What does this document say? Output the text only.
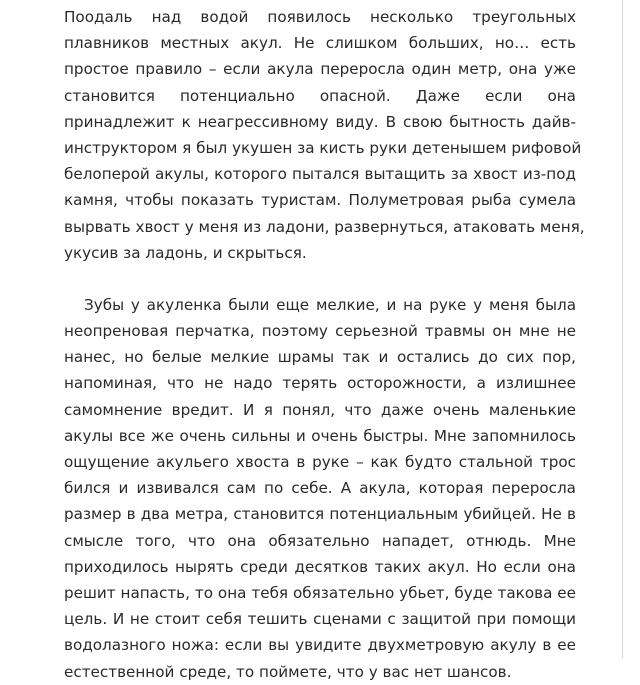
Поодаль над водой появилось несколько треугольных
плавников местных акул. Не слишком больших, но… есть
простое правило – если акула переросла один метр, она уже
становится потенциально опасной. Даже если она
принадлежит к неагрессивному виду. В свою бытность дайв-
инструктором я был укушен за кисть руки детенышем рифовой
белоперой акулы, которого пытался вытащить за хвост из-под
камня, чтобы показать туристам. Полуметровая рыба сумела
вырвать хвост у меня из ладони, развернуться, атаковать меня,
укусив за ладонь, и скрыться.

Зубы у акуленка были еще мелкие, и на руке у меня была
неопреновая перчатка, поэтому серьезной травмы он мне не
нанес, но белые мелкие шрамы так и остались до сих пор,
напоминая, что не надо терять осторожности, а излишнее
самомнение вредит. И я понял, что даже очень маленькие
акулы все же очень сильны и очень быстры. Мне запомнилось
ощущение акульего хвоста в руке – как будто стальной трос
бился и извивался сам по себе. А акула, которая переросла
размер в два метра, становится потенциальным убийцей. Не в
смысле того, что она обязательно нападет, отнюдь. Мне
приходилось нырять среди десятков таких акул. Но если она
решит напасть, то она тебя обязательно убьет, буде такова ее
цель. И не стоит себя тешить сценами с защитой при помощи
водолазного ножа: если вы увидите двухметровую акулу в ее
естественной среде, то поймете, что у вас нет шансов.
